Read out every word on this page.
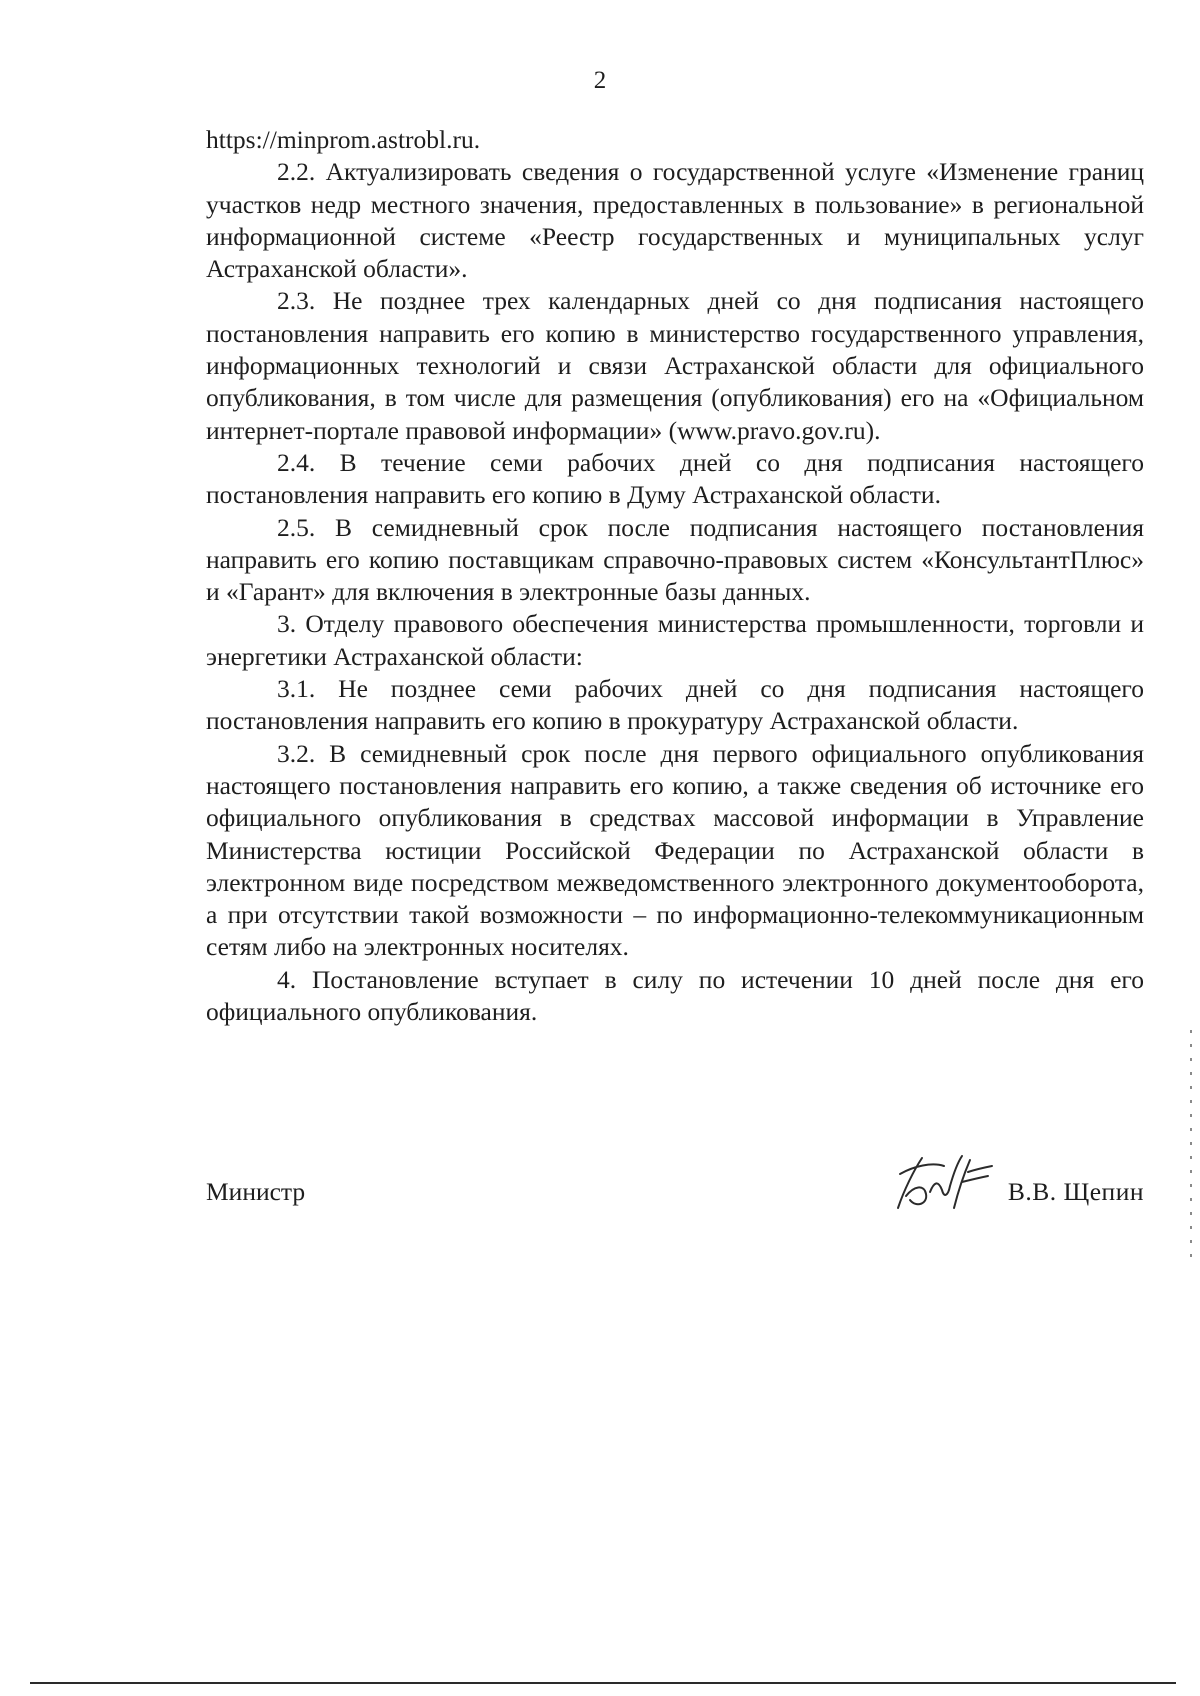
2

https://minprom.astrobl.ru.

2.2. Актуализировать сведения о государственной услуге «Изменение границ участков недр местного значения, предоставленных в пользование» в региональной информационной системе «Реестр государственных и муниципальных услуг Астраханской области».

2.3. Не позднее трех календарных дней со дня подписания настоящего постановления направить его копию в министерство государственного управления, информационных технологий и связи Астраханской области для официального опубликования, в том числе для размещения (опубликования) его на «Официальном интернет-портале правовой информации» (www.pravo.gov.ru).

2.4. В течение семи рабочих дней со дня подписания настоящего постановления направить его копию в Думу Астраханской области.

2.5. В семидневный срок после подписания настоящего постановления направить его копию поставщикам справочно-правовых систем «КонсультантПлюс» и «Гарант» для включения в электронные базы данных.

3. Отделу правового обеспечения министерства промышленности, торговли и энергетики Астраханской области:

3.1. Не позднее семи рабочих дней со дня подписания настоящего постановления направить его копию в прокуратуру Астраханской области.

3.2. В семидневный срок после дня первого официального опубликования настоящего постановления направить его копию, а также сведения об источнике его официального опубликования в средствах массовой информации в Управление Министерства юстиции Российской Федерации по Астраханской области в электронном виде посредством межведомственного электронного документооборота, а при отсутствии такой возможности – по информационно-телекоммуникационным сетям либо на электронных носителях.

4. Постановление вступает в силу по истечении 10 дней после дня его официального опубликования.

Министр	В.В. Щепин
